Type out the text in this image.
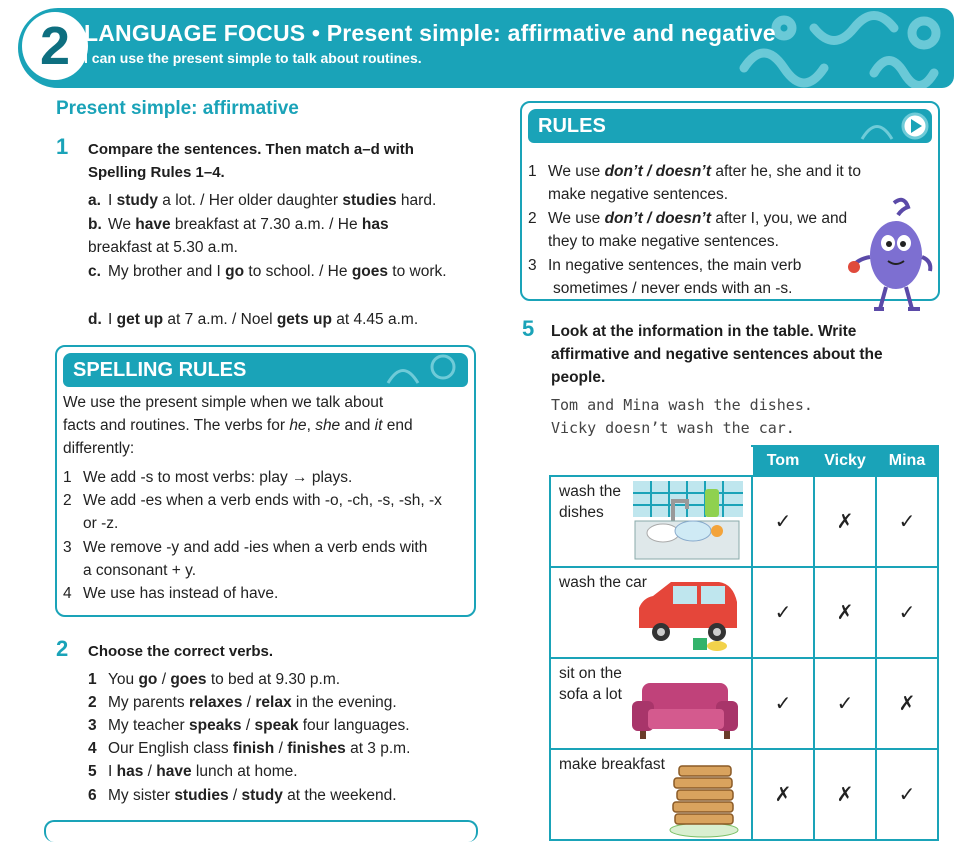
2 LANGUAGE FOCUS • Present simple: affirmative and negative
I can use the present simple to talk about routines.
Present simple: affirmative
1 Compare the sentences. Then match a–d with Spelling Rules 1–4.
a. I study a lot. / Her older daughter studies hard.
b. We have breakfast at 7.30 a.m. / He has breakfast at 5.30 a.m.
c. My brother and I go to school. / He goes to work.
d. I get up at 7 a.m. / Noel gets up at 4.45 a.m.
SPELLING RULES
We use the present simple when we talk about
facts and routines. The verbs for he, she and it end
differently:
1 We add -s to most verbs: play → plays.
2 We add -es when a verb ends with -o, -ch, -s, -sh, -x
or -z.
3 We remove -y and add -ies when a verb ends with
a consonant + y.
4 We use has instead of have.
2 Choose the correct verbs.
1 You go / goes to bed at 9.30 p.m.
2 My parents relaxes / relax in the evening.
3 My teacher speaks / speak four languages.
4 Our English class finish / finishes at 3 p.m.
5 I has / have lunch at home.
6 My sister studies / study at the weekend.
RULES
1 We use don’t / doesn’t after he, she and it to
make negative sentences.
2 We use don’t / doesn’t after I, you, we and
they to make negative sentences.
3 In negative sentences, the main verb
sometimes / never ends with an -s.
5 Look at the information in the table. Write affirmative and negative sentences about the people.
Tom and Mina wash the dishes.
Vicky doesn’t wash the car.
	Tom	Vicky	Mina

wash the
dishes	✓	✗	✓

wash the car	✓	✗	✓

sit on the
sofa a lot	✓	✓	✗

make breakfast	✗	✗	✓
